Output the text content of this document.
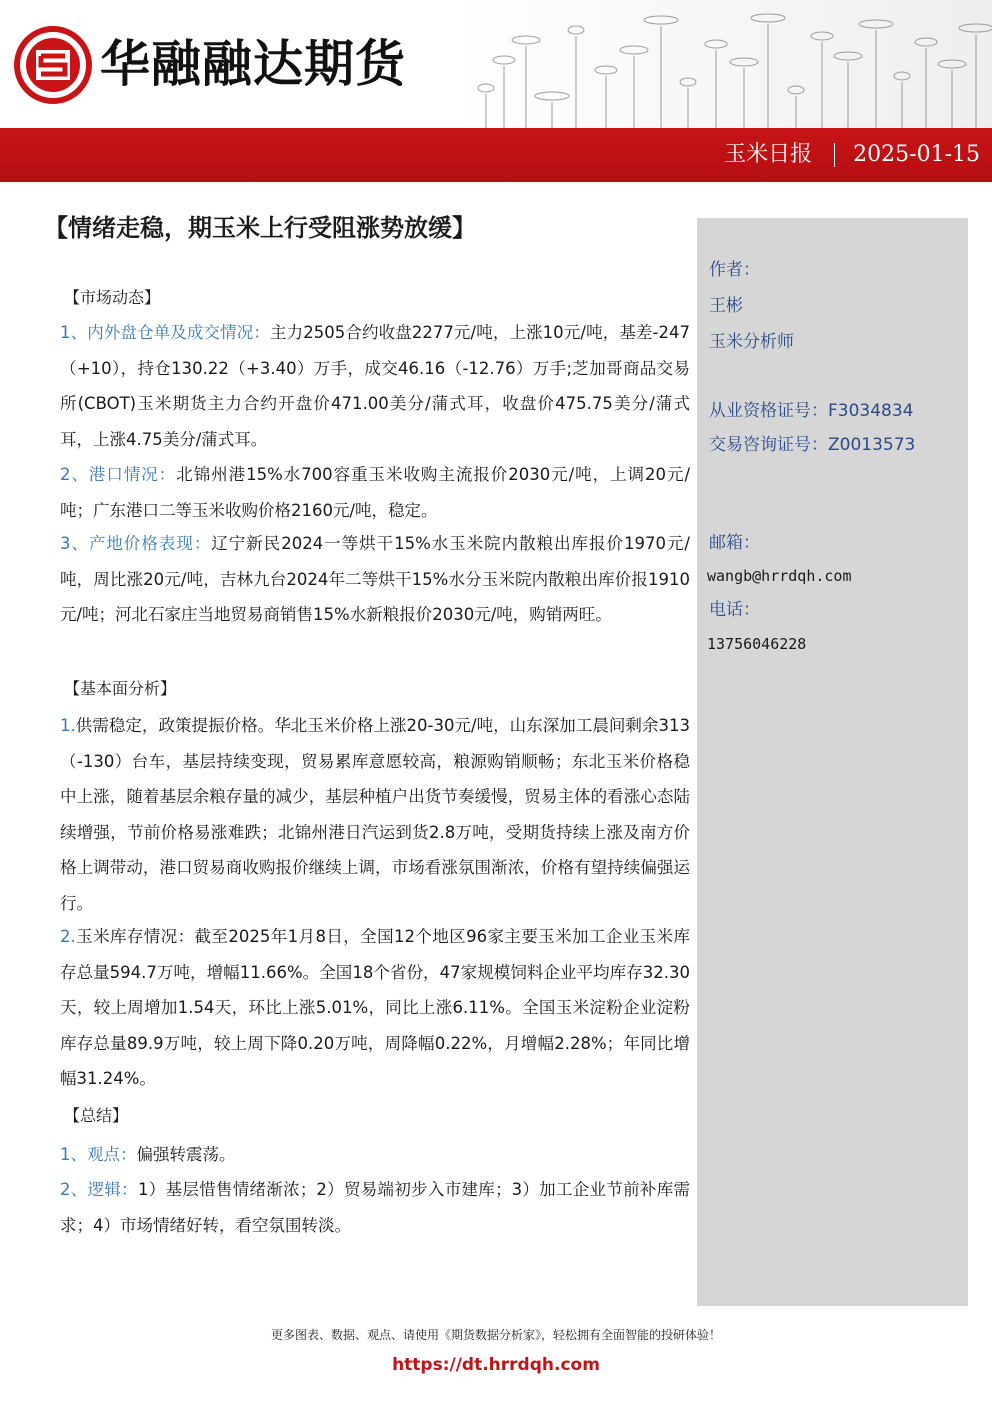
华融融达期货
玉米日报 2025-01-15
【情绪走稳，期玉米上行受阻涨势放缓】
【市场动态】
1、内外盘仓单及成交情况：主力2505合约收盘2277元/吨，上涨10元/吨，基差-247（+10），持仓130.22（+3.40）万手，成交46.16（-12.76）万手;芝加哥商品交易所(CBOT)玉米期货主力合约开盘价471.00美分/蒲式耳，收盘价475.75美分/蒲式耳，上涨4.75美分/蒲式耳。
2、港口情况：北锦州港15%水700容重玉米收购主流报价2030元/吨，上调20元/吨；广东港口二等玉米收购价格2160元/吨，稳定。
3、产地价格表现：辽宁新民2024一等烘干15%水玉米院内散粮出库报价1970元/吨，周比涨20元/吨，吉林九台2024年二等烘干15%水分玉米院内散粮出库价报1910元/吨；河北石家庄当地贸易商销售15%水新粮报价2030元/吨，购销两旺。
【基本面分析】
1.供需稳定，政策提振价格。华北玉米价格上涨20-30元/吨，山东深加工晨间剩余313（-130）台车，基层持续变现，贸易累库意愿较高，粮源购销顺畅；东北玉米价格稳中上涨，随着基层余粮存量的减少，基层种植户出货节奏缓慢，贸易主体的看涨心态陆续增强，节前价格易涨难跌；北锦州港日汽运到货2.8万吨，受期货持续上涨及南方价格上调带动，港口贸易商收购报价继续上调，市场看涨氛围渐浓，价格有望持续偏强运行。
2.玉米库存情况：截至2025年1月8日，全国12个地区96家主要玉米加工企业玉米库存总量594.7万吨，增幅11.66%。全国18个省份，47家规模饲料企业平均库存32.30天，较上周增加1.54天，环比上涨5.01%，同比上涨6.11%。全国玉米淀粉企业淀粉库存总量89.9万吨，较上周下降0.20万吨，周降幅0.22%，月增幅2.28%；年同比增幅31.24%。
【总结】
1、观点：偏强转震荡。
2、逻辑：1）基层惜售情绪渐浓；2）贸易端初步入市建库；3）加工企业节前补库需求；4）市场情绪好转，看空氛围转淡。
作者：
王彬
玉米分析师
从业资格证号：F3034834
交易咨询证号：Z0013573
邮箱：
wangb@hrrdqh.com
电话：
13756046228
更多图表、数据、观点、请使用《期货数据分析家》，轻松拥有全面智能的投研体验！
https://dt.hrrdqh.com
